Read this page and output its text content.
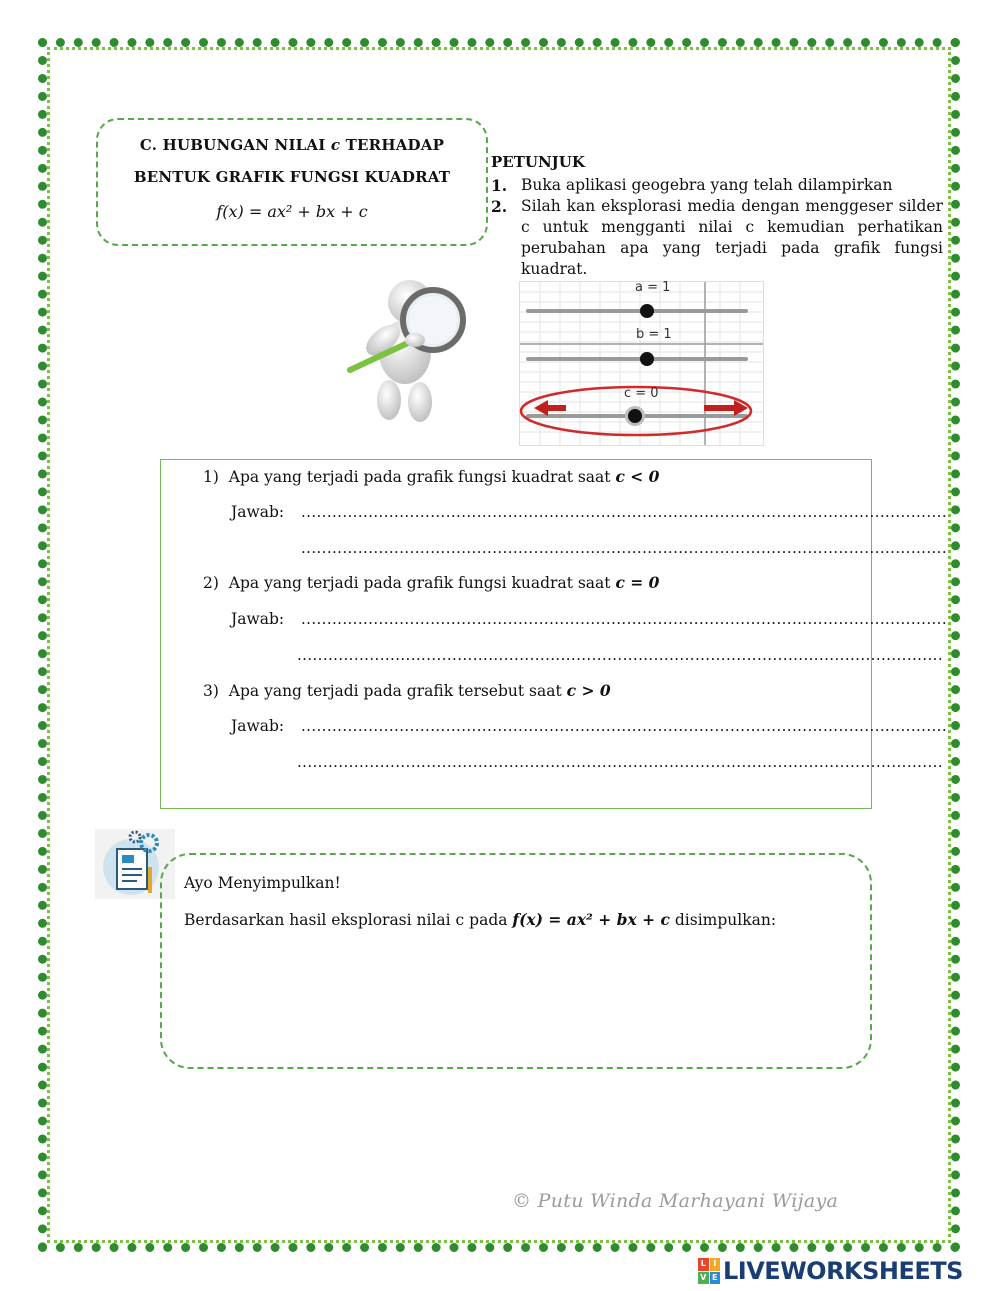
C. HUBUNGAN NILAI c TERHADAP
BENTUK GRAFIK FUNGSI KUADRAT
f(x) = ax² + bx + c
PETUNJUK
1. Buka aplikasi geogebra yang telah dilampirkan
2. Silah kan eksplorasi media dengan menggeser silder c untuk mengganti nilai c kemudian perhatikan perubahan apa yang terjadi pada grafik fungsi kuadrat.
a = 1
b = 1
c = 0
1) Apa yang terjadi pada grafik fungsi kuadrat saat c < 0
Jawab: .............................................................................................................................
.............................................................................................................................
2) Apa yang terjadi pada grafik fungsi kuadrat saat c = 0
Jawab: .............................................................................................................................
.............................................................................................................................
3) Apa yang terjadi pada grafik tersebut saat c > 0
Jawab: .............................................................................................................................
.............................................................................................................................
Ayo Menyimpulkan!
Berdasarkan hasil eksplorasi nilai c pada f(x) = ax² + bx + c disimpulkan:
© Putu Winda Marhayani Wijaya
L I
V E LIVEWORKSHEETS
